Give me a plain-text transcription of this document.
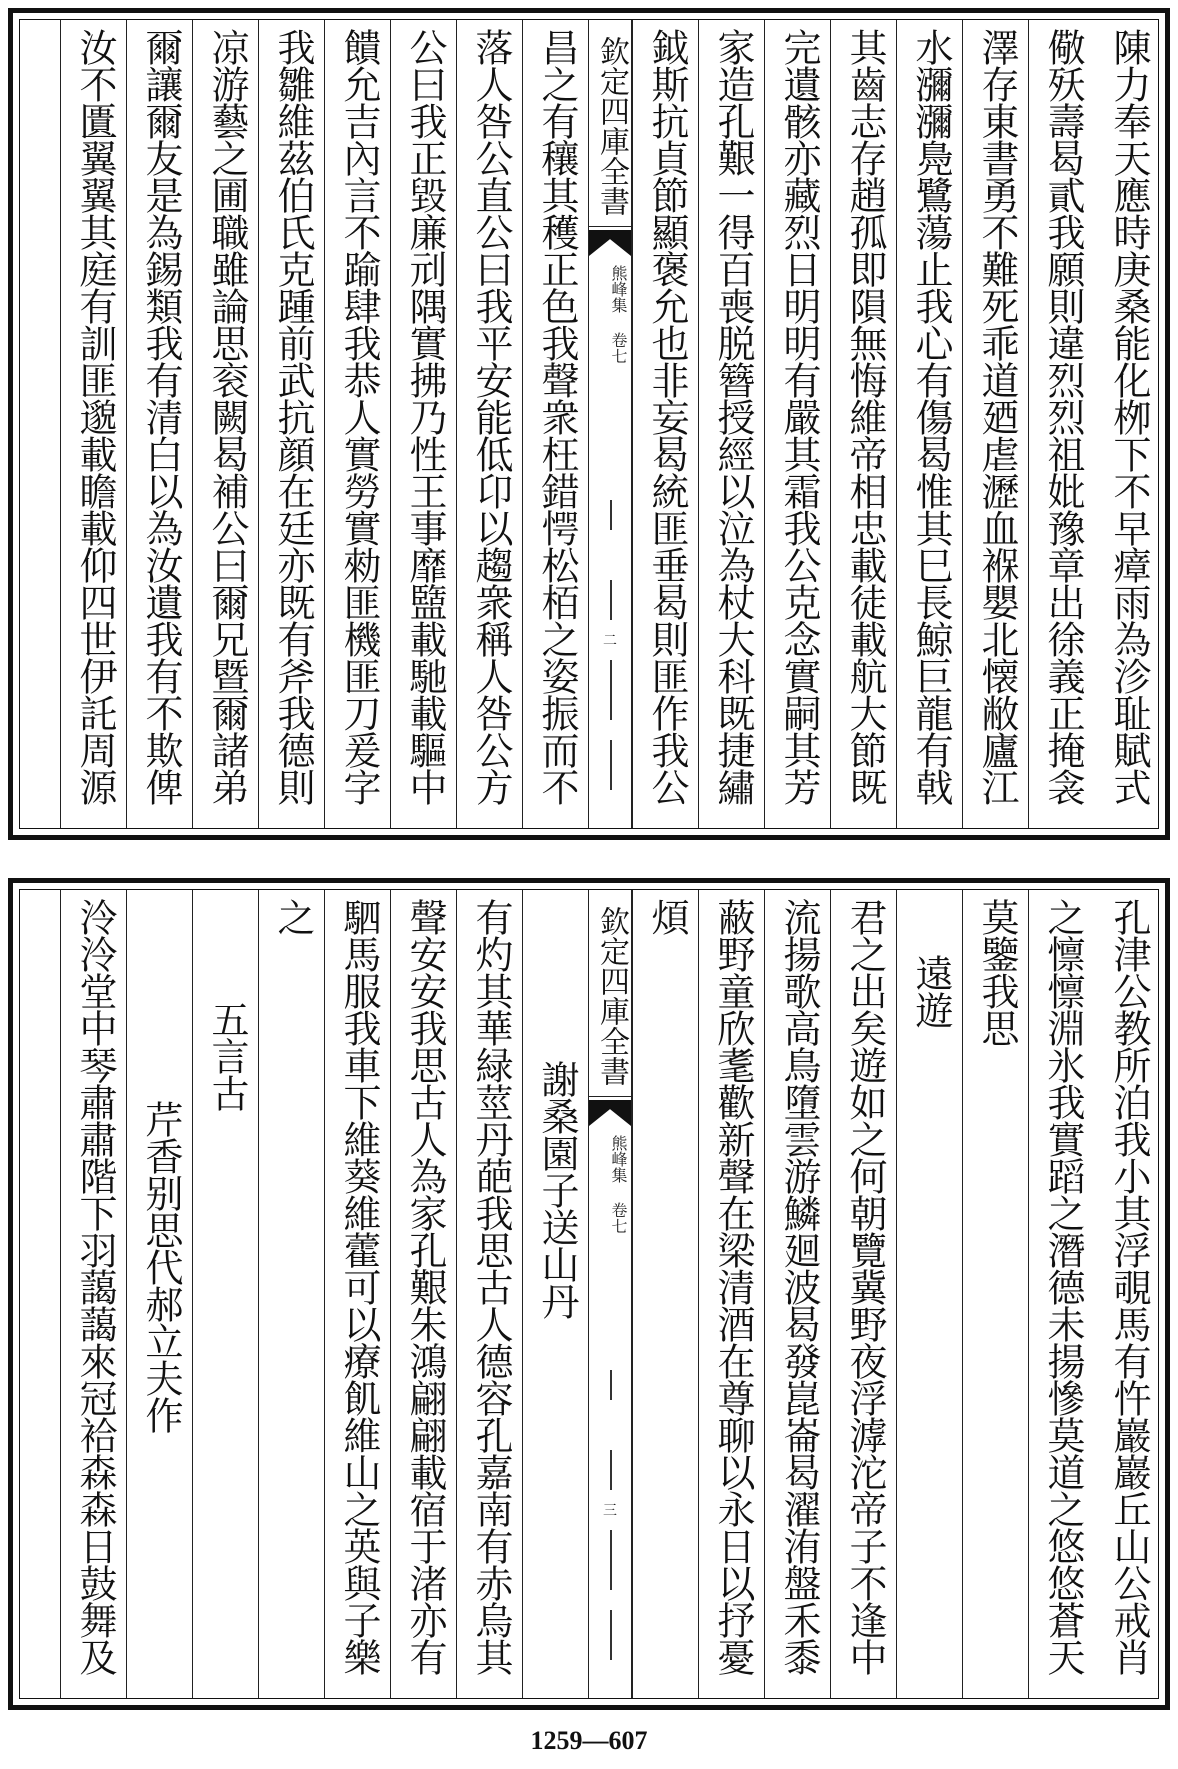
陳力奉天應時庚桑能化栁下不早瘴雨為沴耻賦式
儆殀壽曷貳我願則違烈烈祖妣豫章出徐義正掩衾
澤存東書勇不難死乖道廼虐瀝血褓嬰北懐敝廬江
水瀰瀰鳧鷺蕩止我心有傷曷惟其巳長鯨巨龍有戟
其齒志存趙孤即隕無悔維帝相忠載徒載航大節既
完遺骸亦藏烈日明明有嚴其霜我公克念實嗣其芳
家造孔艱一得百喪脱簪授經以泣為杖大科既捷繡
鉞斯抗貞節顯褒允也非妄曷統匪垂曷則匪作我公
欽定四庫全書
熊峰集 卷七
二
昌之有穰其穫正色我聲衆枉錯愕松栢之姿振而不
落人咎公直公曰我平安能低卬以趨衆稱人咎公方
公曰我正毀廉刓隅實拂乃性王事靡盬載馳載驅中
饋允吉內言不踰肆我恭人實勞實勑匪機匪刀爰字
我雛維茲伯氏克踵前武抗顔在廷亦既有斧我德則
凉游藝之圃職雖論思衮闕曷補公曰爾兄暨爾諸弟
爾讓爾友是為錫類我有清白以為汝遺我有不欺俾
汝不匱翼翼其庭有訓匪邈載瞻載仰四世伊託周源
孔津公教所泊我小其浮覗馬有忤巖巖丘山公戒肖
之懔懔淵氷我實蹈之潛德未揚慘莫道之悠悠蒼天
莫鑒我思
遠遊
君之出矣遊如之何朝覽冀野夜浮滹沱帝子不逢中
流揚歌高鳥墮雲游鱗廻波曷發崑崙曷濯洧盤禾黍
蔽野童欣耄歡新聲在梁清酒在尊聊以永日以抒憂
煩
欽定四庫全書
熊峰集 卷七
三
謝桑園子送山丹
有灼其華緑莖丹葩我思古人德容孔嘉南有赤烏其
聲安安我思古人為家孔艱朱鴻翩翩載宿于渚亦有
駟馬服我車下維葵維藿可以療飢維山之英與子樂
之
五言古
芹香别思代郝立夫作
泠泠堂中琴肅肅階下羽藹藹來冠袷森森日鼓舞及
1259—607
